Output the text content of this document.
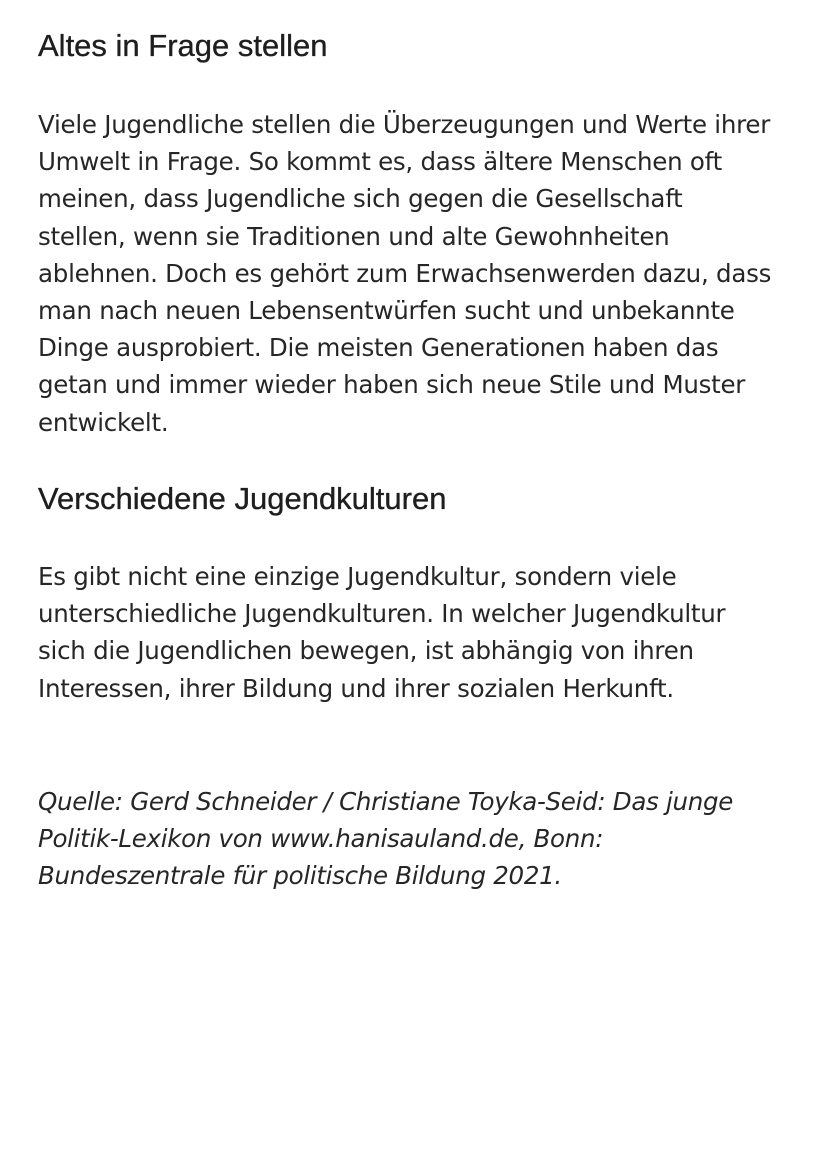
Altes in Frage stellen

Viele Jugendliche stellen die Überzeugungen und Werte ihrer
Umwelt in Frage. So kommt es, dass ältere Menschen oft
meinen, dass Jugendliche sich gegen die Gesellschaft
stellen, wenn sie Traditionen und alte Gewohnheiten
ablehnen. Doch es gehört zum Erwachsenwerden dazu, dass
man nach neuen Lebensentwürfen sucht und unbekannte
Dinge ausprobiert. Die meisten Generationen haben das
getan und immer wieder haben sich neue Stile und Muster
entwickelt.

Verschiedene Jugendkulturen

Es gibt nicht eine einzige Jugendkultur, sondern viele
unterschiedliche Jugendkulturen. In welcher Jugendkultur
sich die Jugendlichen bewegen, ist abhängig von ihren
Interessen, ihrer Bildung und ihrer sozialen Herkunft.

Quelle: Gerd Schneider / Christiane Toyka-Seid: Das junge
Politik-Lexikon von www.hanisauland.de, Bonn:
Bundeszentrale für politische Bildung 2021.
